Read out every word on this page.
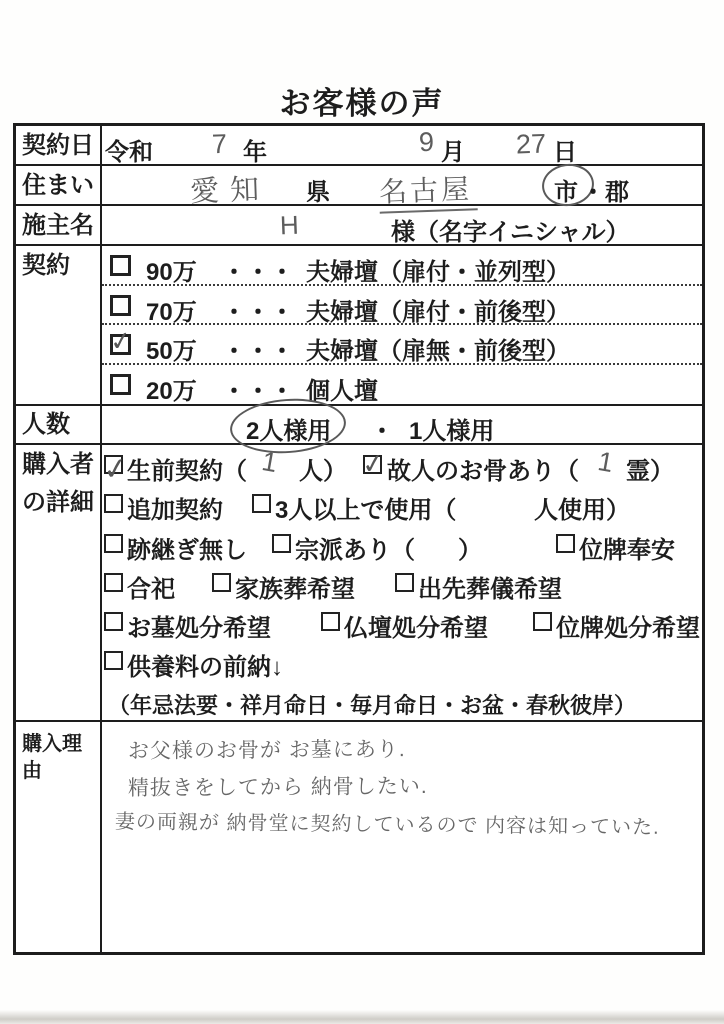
お客様の声
契約日 令和 7 年	9 月 27 日
住まい	愛知 県 名古屋	市 ・郡
施主名	H	様（名字イニシャル）
契約	90万 ・・・ 夫婦壇（扉付・並列型）
70万 ・・・ 夫婦壇（扉付・前後型）
✓ 50万 ・・・ 夫婦壇（扉無・前後型）
20万 ・・・ 個人壇
人数	2人様用 ・ 1人様用
購入者
の詳細
✓
生前契約（ 1 人） ✓ 故人のお骨あり（ 1 霊）
追加契約 3人以上で使用（	人使用）
跡継ぎ無し 宗派あり（ ）	位牌奉安
合祀	家族葬希望	出先葬儀希望
お墓処分希望	仏壇処分希望	位牌処分希望
供養料の前納↓
（年忌法要・祥月命日・毎月命日・お盆・春秋彼岸）
購入理由
お父様のお骨が お墓にあり.
精抜きをしてから 納骨したい.
妻の両親が 納骨堂に契約しているので 内容は知っていた.
